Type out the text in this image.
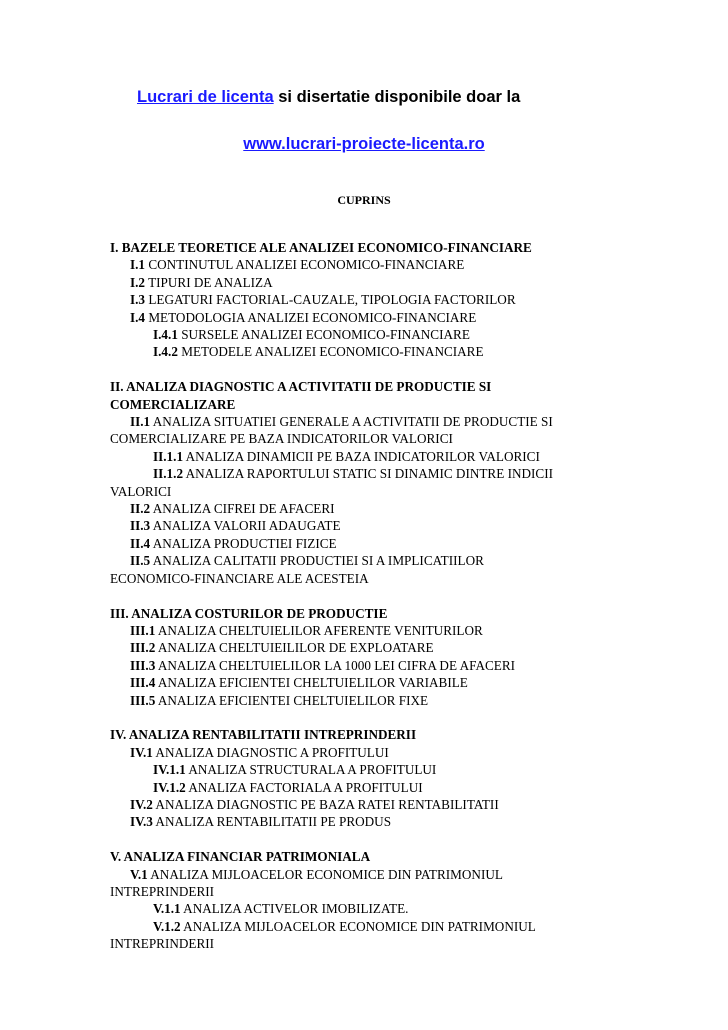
Lucrari de licenta si disertatie disponibile doar la
www.lucrari-proiecte-licenta.ro
CUPRINS
I. BAZELE TEORETICE ALE ANALIZEI ECONOMICO-FINANCIARE
I.1 CONTINUTUL ANALIZEI ECONOMICO-FINANCIARE
I.2 TIPURI DE ANALIZA
I.3 LEGATURI FACTORIAL-CAUZALE, TIPOLOGIA FACTORILOR
I.4 METODOLOGIA ANALIZEI ECONOMICO-FINANCIARE
I.4.1 SURSELE ANALIZEI ECONOMICO-FINANCIARE
I.4.2 METODELE ANALIZEI ECONOMICO-FINANCIARE
II. ANALIZA DIAGNOSTIC A ACTIVITATII DE PRODUCTIE SI
COMERCIALIZARE
II.1 ANALIZA SITUATIEI GENERALE A ACTIVITATII DE PRODUCTIE SI
COMERCIALIZARE PE BAZA INDICATORILOR VALORICI
II.1.1 ANALIZA DINAMICII PE BAZA INDICATORILOR VALORICI
II.1.2 ANALIZA RAPORTULUI STATIC SI DINAMIC DINTRE INDICII
VALORICI
II.2 ANALIZA CIFREI DE AFACERI
II.3 ANALIZA VALORII ADAUGATE
II.4 ANALIZA PRODUCTIEI FIZICE
II.5 ANALIZA CALITATII PRODUCTIEI SI A IMPLICATIILOR
ECONOMICO-FINANCIARE ALE ACESTEIA
III. ANALIZA COSTURILOR DE PRODUCTIE
III.1 ANALIZA CHELTUIELILOR AFERENTE VENITURILOR
III.2 ANALIZA CHELTUIEILILOR DE EXPLOATARE
III.3 ANALIZA CHELTUIELILOR LA 1000 LEI CIFRA DE AFACERI
III.4 ANALIZA EFICIENTEI CHELTUIELILOR VARIABILE
III.5 ANALIZA EFICIENTEI CHELTUIELILOR FIXE
IV. ANALIZA RENTABILITATII INTREPRINDERII
IV.1 ANALIZA DIAGNOSTIC A PROFITULUI
IV.1.1 ANALIZA STRUCTURALA A PROFITULUI
IV.1.2 ANALIZA FACTORIALA A PROFITULUI
IV.2 ANALIZA DIAGNOSTIC PE BAZA RATEI RENTABILITATII
IV.3 ANALIZA RENTABILITATII PE PRODUS
V. ANALIZA FINANCIAR PATRIMONIALA
V.1 ANALIZA MIJLOACELOR ECONOMICE DIN PATRIMONIUL
INTREPRINDERII
V.1.1 ANALIZA ACTIVELOR IMOBILIZATE.
V.1.2 ANALIZA MIJLOACELOR ECONOMICE DIN PATRIMONIUL
INTREPRINDERII
